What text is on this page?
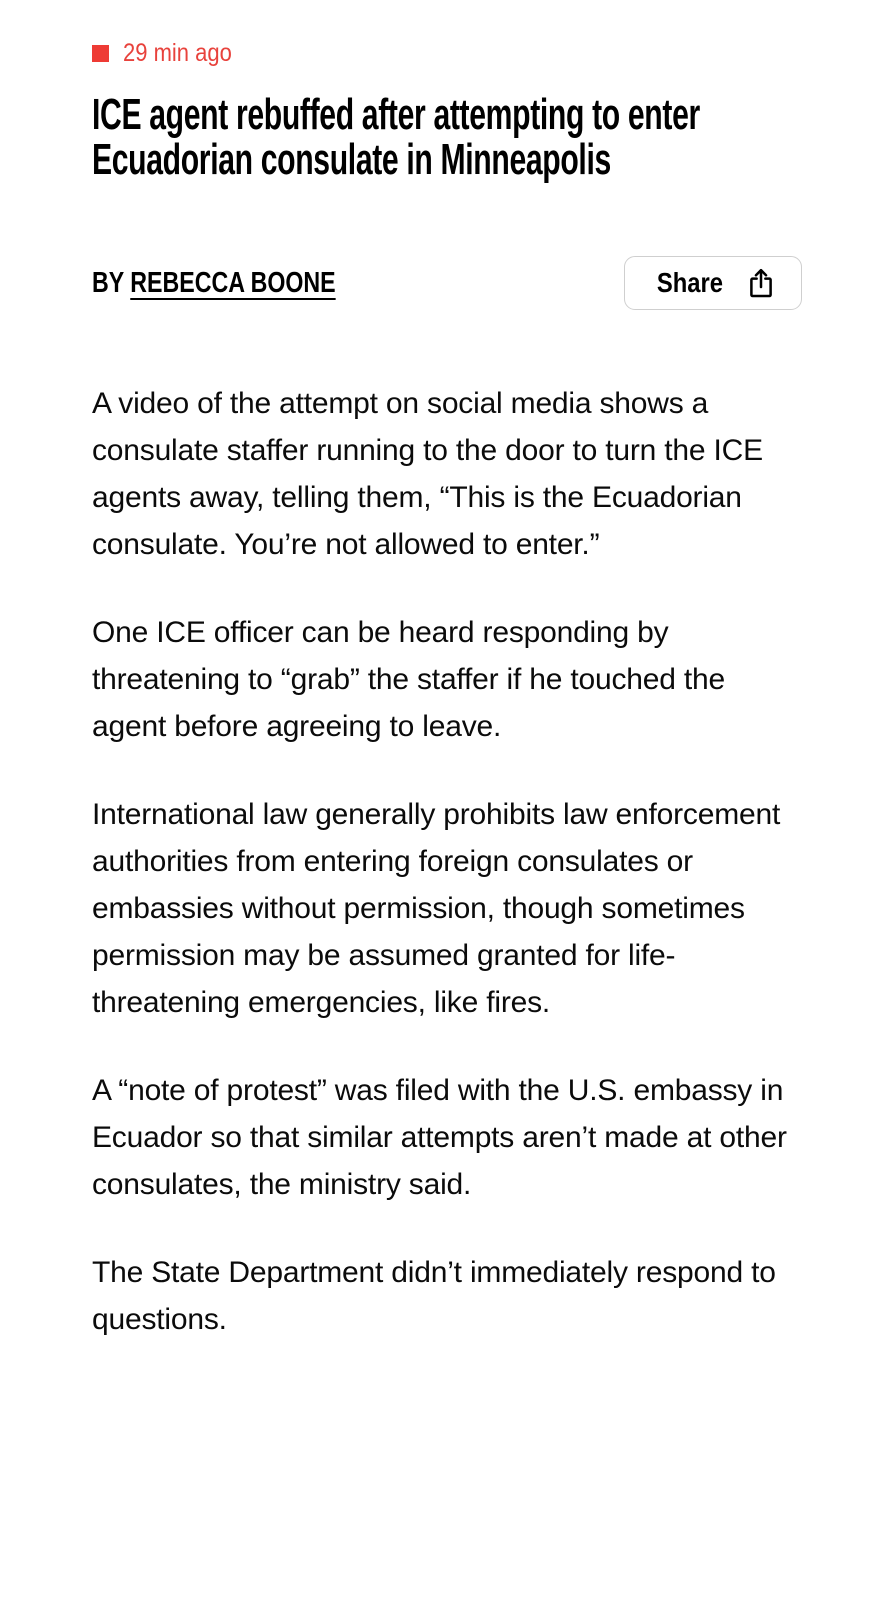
29 min ago
ICE agent rebuffed after attempting to enter Ecuadorian consulate in Minneapolis
BY REBECCA BOONE	Share

A video of the attempt on social media shows a consulate staffer running to the door to turn the ICE agents away, telling them, “This is the Ecuadorian consulate. You’re not allowed to enter.”

One ICE officer can be heard responding by threatening to “grab” the staffer if he touched the agent before agreeing to leave.

International law generally prohibits law enforcement authorities from entering foreign consulates or embassies without permission, though sometimes permission may be assumed granted for life-threatening emergencies, like fires.

A “note of protest” was filed with the U.S. embassy in Ecuador so that similar attempts aren’t made at other consulates, the ministry said.

The State Department didn’t immediately respond to questions.
